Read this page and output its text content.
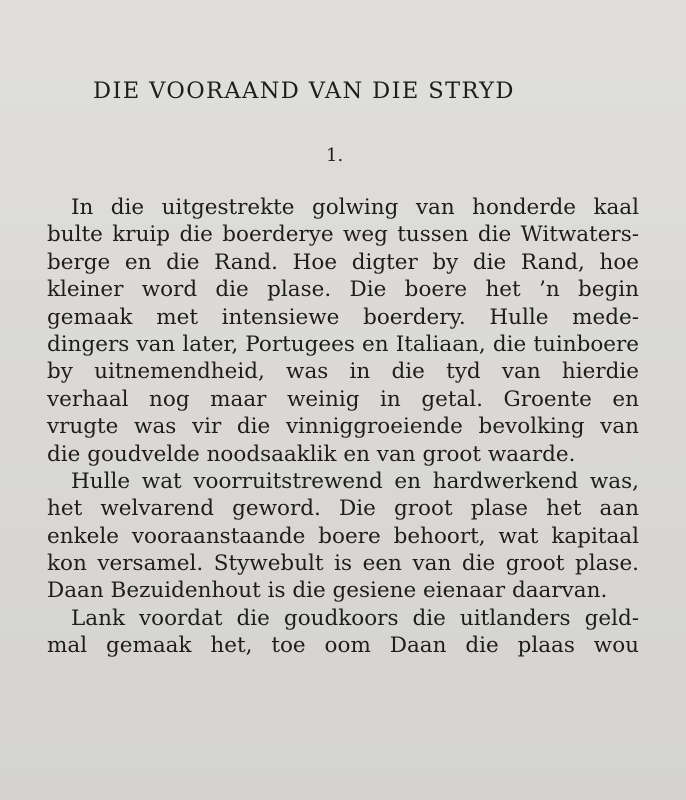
DIE VOORAAND VAN DIE STRYD
1.
In die uitgestrekte golwing van honderde kaal
bulte kruip die boerderye weg tussen die Witwaters-
berge en die Rand. Hoe digter by die Rand, hoe
kleiner word die plase. Die boere het ’n begin
gemaak met intensiewe boerdery. Hulle mede-
dingers van later, Portugees en Italiaan, die tuinboere
by uitnemendheid, was in die tyd van hierdie
verhaal nog maar weinig in getal. Groente en
vrugte was vir die vinniggroeiende bevolking van
die goudvelde noodsaaklik en van groot waarde.
Hulle wat voorruitstrewend en hardwerkend was,
het welvarend geword. Die groot plase het aan
enkele vooraanstaande boere behoort, wat kapitaal
kon versamel. Stywebult is een van die groot plase.
Daan Bezuidenhout is die gesiene eienaar daarvan.
Lank voordat die goudkoors die uitlanders geld-
mal gemaak het, toe oom Daan die plaas wou
